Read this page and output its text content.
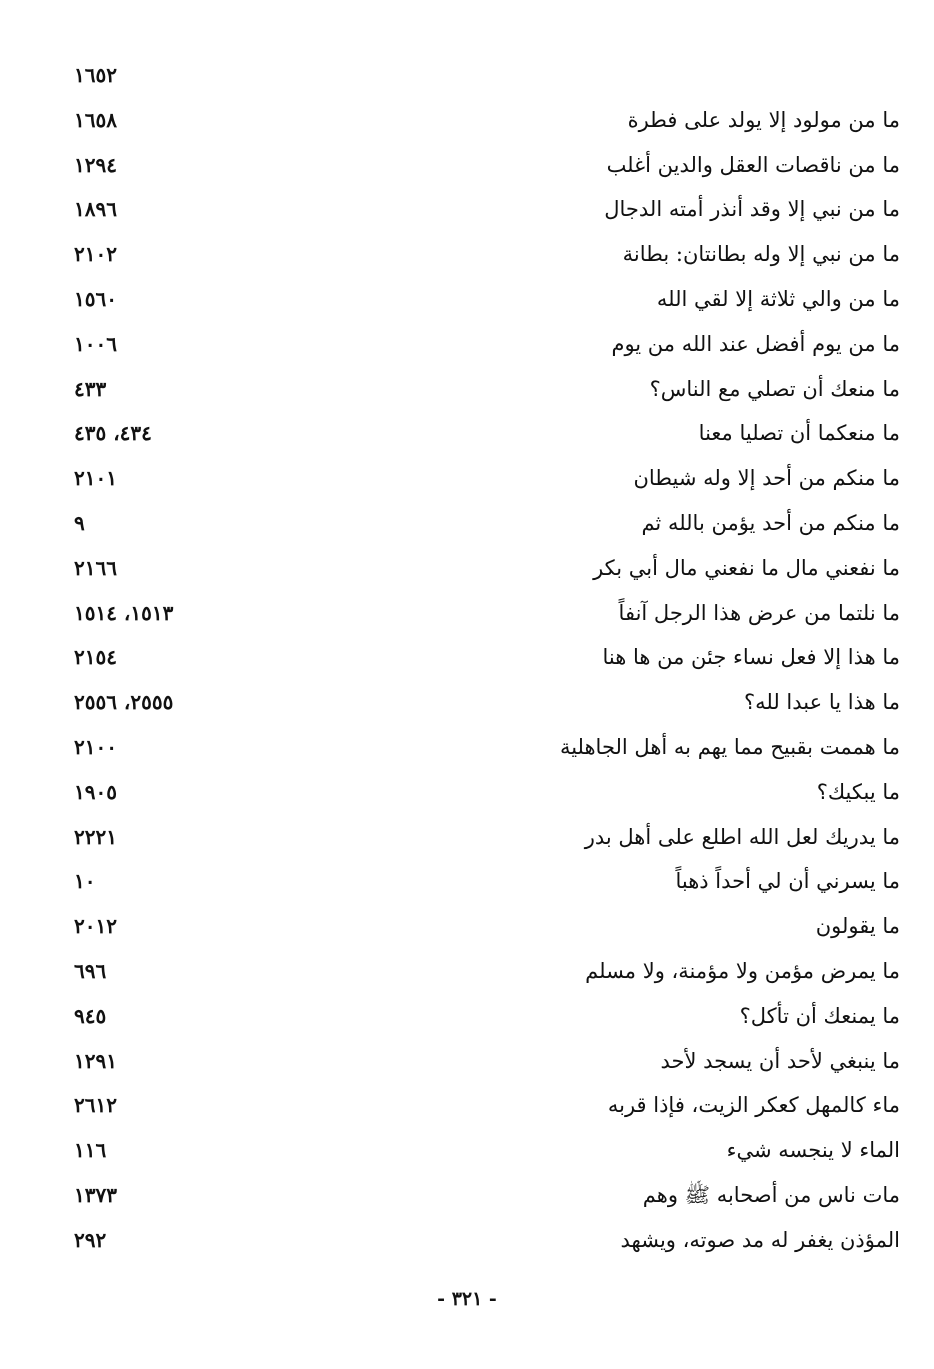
١٦٥٢
ما من مولود إلا يولد على فطرة
١٦٥٨
ما من ناقصات العقل والدين أغلب
١٢٩٤
ما من نبي إلا وقد أنذر أمته الدجال
١٨٩٦
ما من نبي إلا وله بطانتان: بطانة
٢١٠٢
ما من والي ثلاثة إلا لقي الله
١٥٦٠
ما من يوم أفضل عند الله من يوم
١٠٠٦
ما منعك أن تصلي مع الناس؟
٤٣٣
ما منعكما أن تصليا معنا
٤٣٤، ٤٣٥
ما منكم من أحد إلا وله شيطان
٢١٠١
ما منكم من أحد يؤمن بالله ثم
٩
ما نفعني مال ما نفعني مال أبي بكر
٢١٦٦
ما نلتما من عرض هذا الرجل آنفاً
١٥١٣، ١٥١٤
ما هذا إلا فعل نساء جئن من ها هنا
٢١٥٤
ما هذا يا عبدا لله؟
٢٥٥٥، ٢٥٥٦
ما هممت بقبيح مما يهم به أهل الجاهلية
٢١٠٠
ما يبكيك؟
١٩٠٥
ما يدريك لعل الله اطلع على أهل بدر
٢٢٢١
ما يسرني أن لي أحداً ذهباً
١٠
ما يقولون
٢٠١٢
ما يمرض مؤمن ولا مؤمنة، ولا مسلم
٦٩٦
ما يمنعك أن تأكل؟
٩٤٥
ما ينبغي لأحد أن يسجد لأحد
١٢٩١
ماء كالمهل كعكر الزيت، فإذا قربه
٢٦١٢
الماء لا ينجسه شيء
١١٦
مات ناس من أصحابه ﷺ وهم
١٣٧٣
المؤذن يغفر له مد صوته، ويشهد
٢٩٢
- ٣٢١ -
